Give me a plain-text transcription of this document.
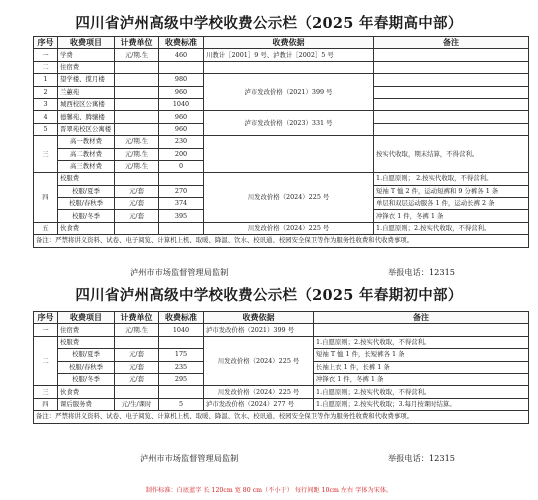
四川省泸州高级中学校收费公示栏（2025 年春期高中部）
序号	收费项目	计费单位	收费标准	收费依据	备注
一	学费	元/期.生	460	川教计［2001］9 号、泸教计［2002］5 号	
二	住宿费				
1	望学楼、揽月楼		980	泸市发改价格（2021）399 号	
2	兰蕙苑		960		
3	城西校区公寓楼		1040		
4	德馨苑、腾骧楼		960	泸市发改价格（2023）331 号	
5	晋翠苑校区公寓楼		960		
三	高一教材费	元/期.生	230		按实代收取，期末结算，不得营利。
	高二教材费	元/期.生	200		
	高三教材费	元/期.生	0		
四	校服费			川发改价格（2024）225 号	1.自愿原则； 2.按实代收取，不得营利。
	校服/夏季	元/套	270		短袖 T 恤 2 件，运动短裤和 9 分裤各 1 条
	校服/春秋季	元/套	374		单层和双层运动服各 1 件，运动长裤 2 条
	校服/冬季	元/套	395		冲锋衣 1 件，冬裤 1 条
五	伙食费			川发改价格（2024）225 号	1.自愿原则；2.按实代收取，不得营利。
备注：严禁将讲义资料、试卷、电子阅览、计算机上机、取暖、降温、饮水、校讯通、校园安全保卫等作为服务性收费和代收费事项。					
泸州市市场监督管理局监制	举报电话：12315
四川省泸州高级中学校收费公示栏（2025 年春期初中部）
序号	收费项目	计费单位	收费标准	收费依据	备注
一	住宿费	元/期.生	1040	泸市发改价格（2021）399 号	
二	校服费			川发改价格（2024）225 号	1.自愿原则；2.按实代收取，不得营利。
	校服/夏季	元/套	175		短袖 T 恤 1 件，长短裤各 1 条
	校服/春秋季	元/套	235		长袖上衣 1 件，长裤 1 条
	校服/冬季	元/套	295		冲锋衣 1 件，冬裤 1 条
三	伙食费			川发改价格（2024）225 号	1.自愿原则；2.按实代收取，不得营利。
四	课后服务费	元/生/课时	5	泸市发改价格（2024）277 号	1.自愿原则；2.按实代收取；3.每月按课时结算。
备注：严禁将讲义资料、试卷、电子阅览、计算机上机、取暖、降温、饮水、校讯通、校园安全保卫等作为服务性收费和代收费事项。					
泸州市市场监督管理局监制	举报电话：12315
制作标准：白底蓝字 长 120cm 宽 80 cm（不小于） 每行间距 10cm 左右 字体为宋体。
